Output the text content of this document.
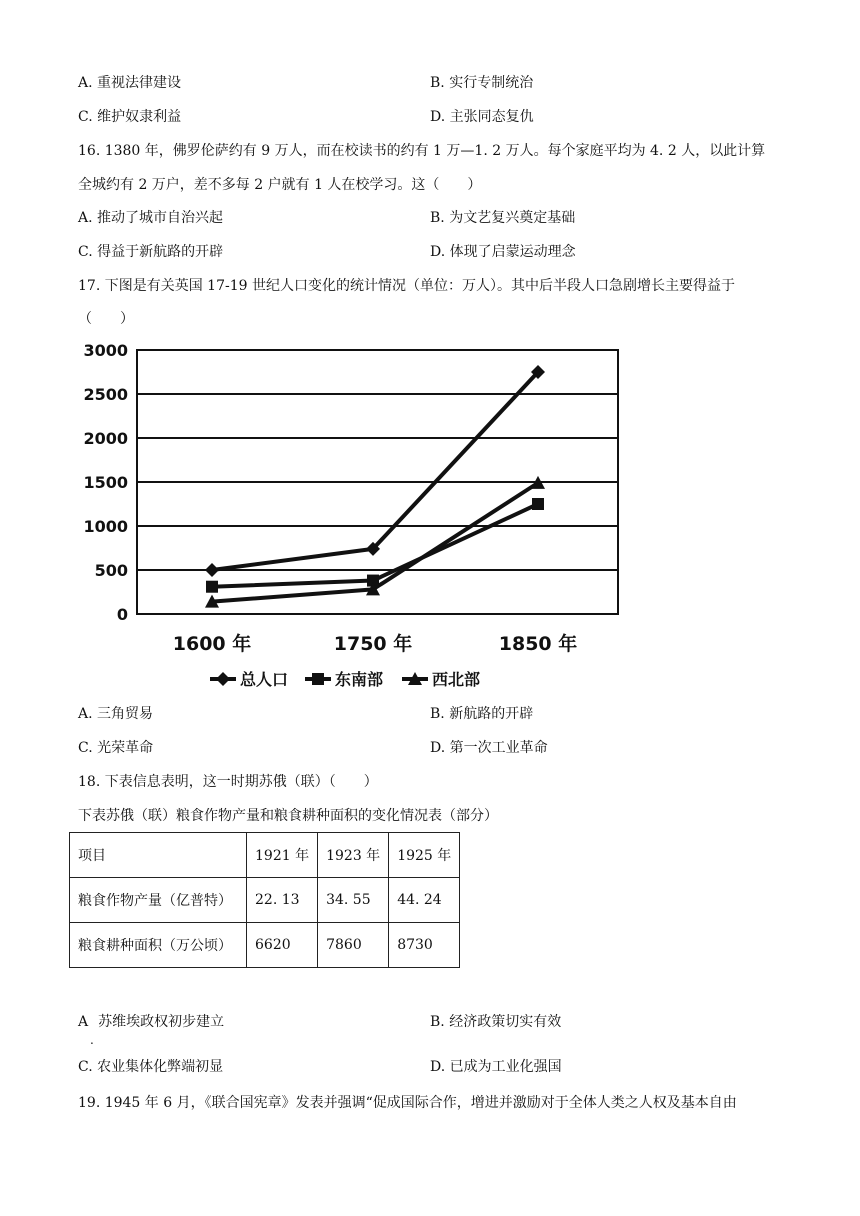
A. 重视法律建设	B. 实行专制统治
C. 维护奴隶利益	D. 主张同态复仇
16. 1380 年，佛罗伦萨约有 9 万人，而在校读书的约有 1 万—1. 2 万人。每个家庭平均为 4. 2 人，以此计算
全城约有 2 万户，差不多每 2 户就有 1 人在校学习。这（　　）
A. 推动了城市自治兴起	B. 为文艺复兴奠定基础
C. 得益于新航路的开辟	D. 体现了启蒙运动理念
17. 下图是有关英国 17-19 世纪人口变化的统计情况（单位：万人）。其中后半段人口急剧增长主要得益于
（　　）
0
500
1000
1500
2000
2500
3000
1600 年	1750 年	1850 年
总人口	东南部	西北部
A. 三角贸易	B. 新航路的开辟
C. 光荣革命	D. 第一次工业革命
18. 下表信息表明，这一时期苏俄（联）（　　）
下表苏俄（联）粮食作物产量和粮食耕种面积的变化情况表（部分）
项目	1921 年	1923 年	1925 年
粮食作物产量（亿普特）	22. 13	34. 55	44. 24
粮食耕种面积（万公顷）	6620	7860	8730
A 苏维埃政权初步建立
.
B. 经济政策切实有效
C. 农业集体化弊端初显	D. 已成为工业化强国
19. 1945 年 6 月，《联合国宪章》发表并强调“促成国际合作，增进并激励对于全体人类之人权及基本自由
